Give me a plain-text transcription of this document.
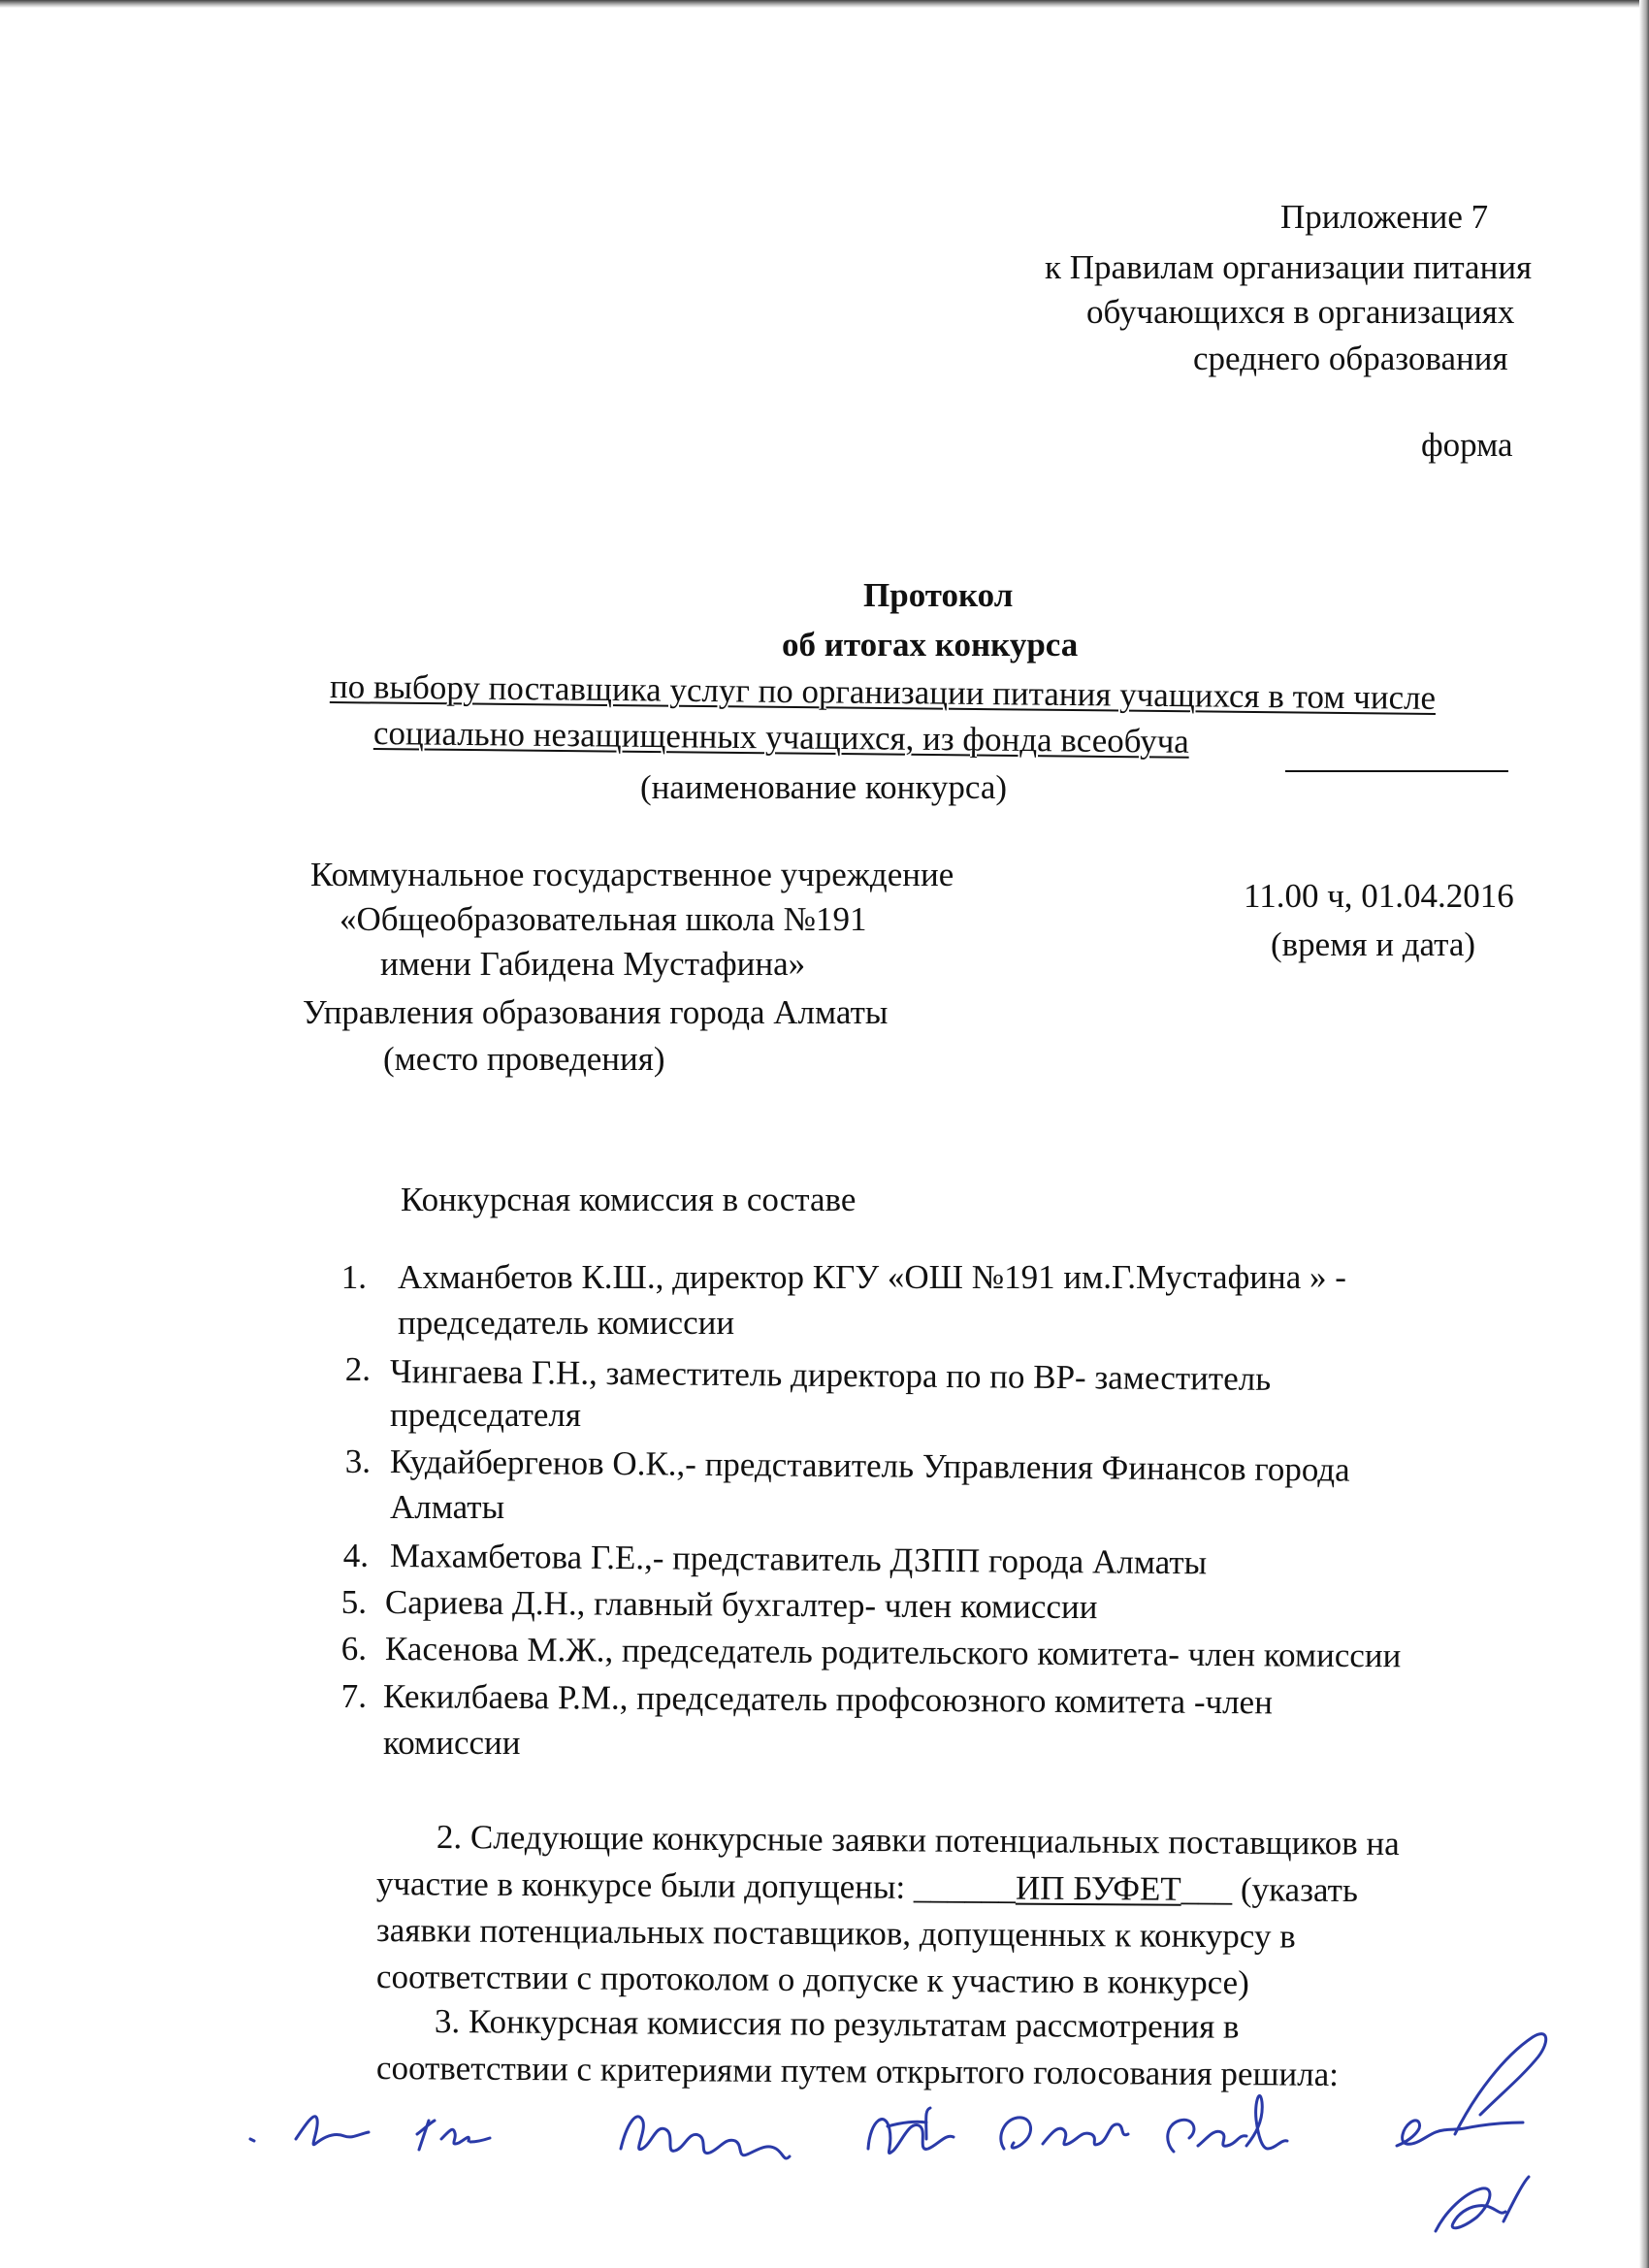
Приложение 7
к Правилам организации питания
обучающихся в организациях
среднего образования
форма
Протокол
об итогах конкурса
по выбору поставщика услуг по организации питания учащихся в том числе
социально незащищенных учащихся, из фонда всеобуча
(наименование конкурса)
Коммунальное государственное учреждение
«Общеобразовательная школа №191
имени Габидена Мустафина»
Управления образования города Алматы
(место проведения)
11.00 ч, 01.04.2016
(время и дата)
Конкурсная комиссия в составе
1. Ахманбетов К.Ш., директор КГУ «ОШ №191 им.Г.Мустафина » -
председатель комиссии
2. Чингаева Г.Н., заместитель директора по по ВР- заместитель
председателя
3. Кудайбергенов О.К.,- представитель Управления Финансов города
Алматы
4. Махамбетова Г.Е.,- представитель ДЗПП города Алматы
5. Сариева Д.Н., главный бухгалтер- член комиссии
6. Касенова М.Ж., председатель родительского комитета- член комиссии
7. Кекилбаева Р.М., председатель профсоюзного комитета -член
комиссии
2. Следующие конкурсные заявки потенциальных поставщиков на
участие в конкурсе были допущены: ______ИП БУФЕТ___ (указать
заявки потенциальных поставщиков, допущенных к конкурсу в
соответствии с протоколом о допуске к участию в конкурсе)
3. Конкурсная комиссия по результатам рассмотрения в
соответствии с критериями путем открытого голосования решила:
